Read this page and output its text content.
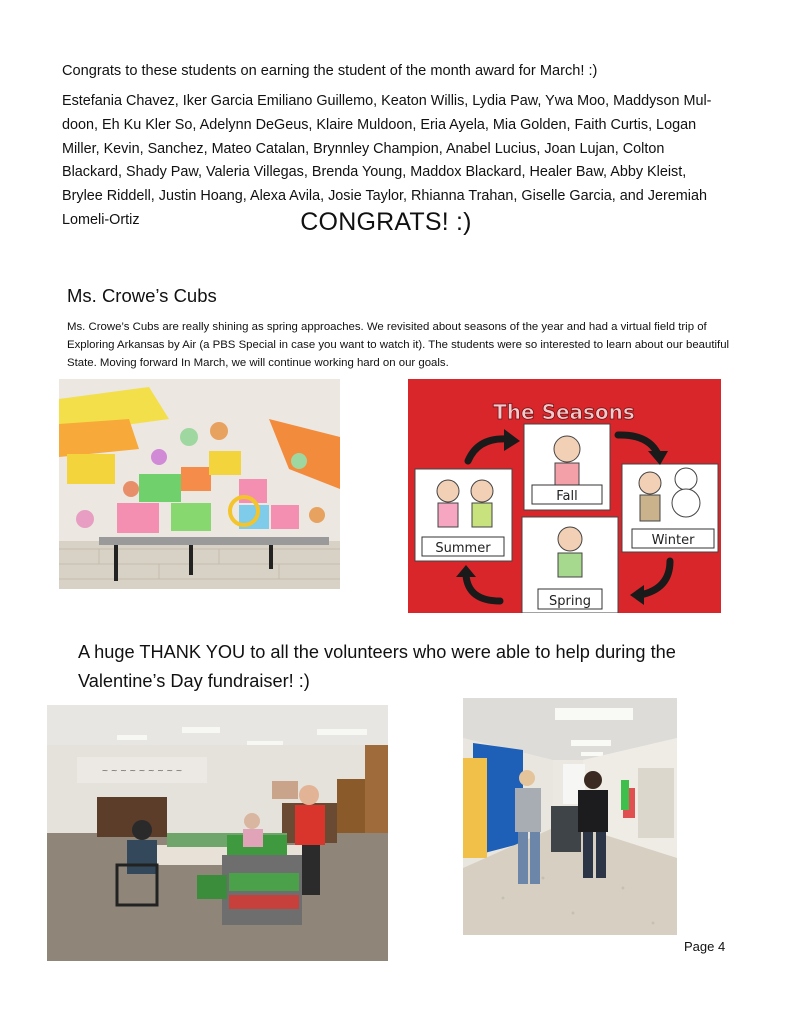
Congrats to these students on earning the student of the month award for March! :)

Estefania Chavez, Iker Garcia Emiliano Guillemo, Keaton Willis, Lydia Paw, Ywa Moo, Maddyson Mul-doon, Eh Ku Kler So, Adelynn DeGeus, Klaire Muldoon, Eria Ayela, Mia Golden, Faith Curtis, Logan Miller, Kevin, Sanchez, Mateo Catalan, Brynnley Champion, Anabel Lucius, Joan Lujan, Colton Blackard, Shady Paw, Valeria Villegas, Brenda Young, Maddox Blackard, Healer Baw, Abby Kleist, Brylee Riddell, Justin Hoang, Alexa Avila, Josie Taylor, Rhianna Trahan, Giselle Garcia, and Jeremiah Lomeli-Ortiz	CONGRATS! :)
Ms. Crowe’s Cubs

Ms. Crowe’s Cubs are really shining as spring approaches. We revisited about seasons of the year and had a virtual field trip of Exploring Arkansas by Air (a PBS Special in case you want to watch it). The students were so interested to learn about our beautiful State. Moving forward In March, we will continue working hard on our goals.

The Seasons
Fall
Summer
Winter
Spring
A huge THANK YOU to all the volunteers who were able to help during the Valentine’s Day fundraiser! :)
~ ~ ~ ~ ~ ~ ~ ~ ~
Page 4
